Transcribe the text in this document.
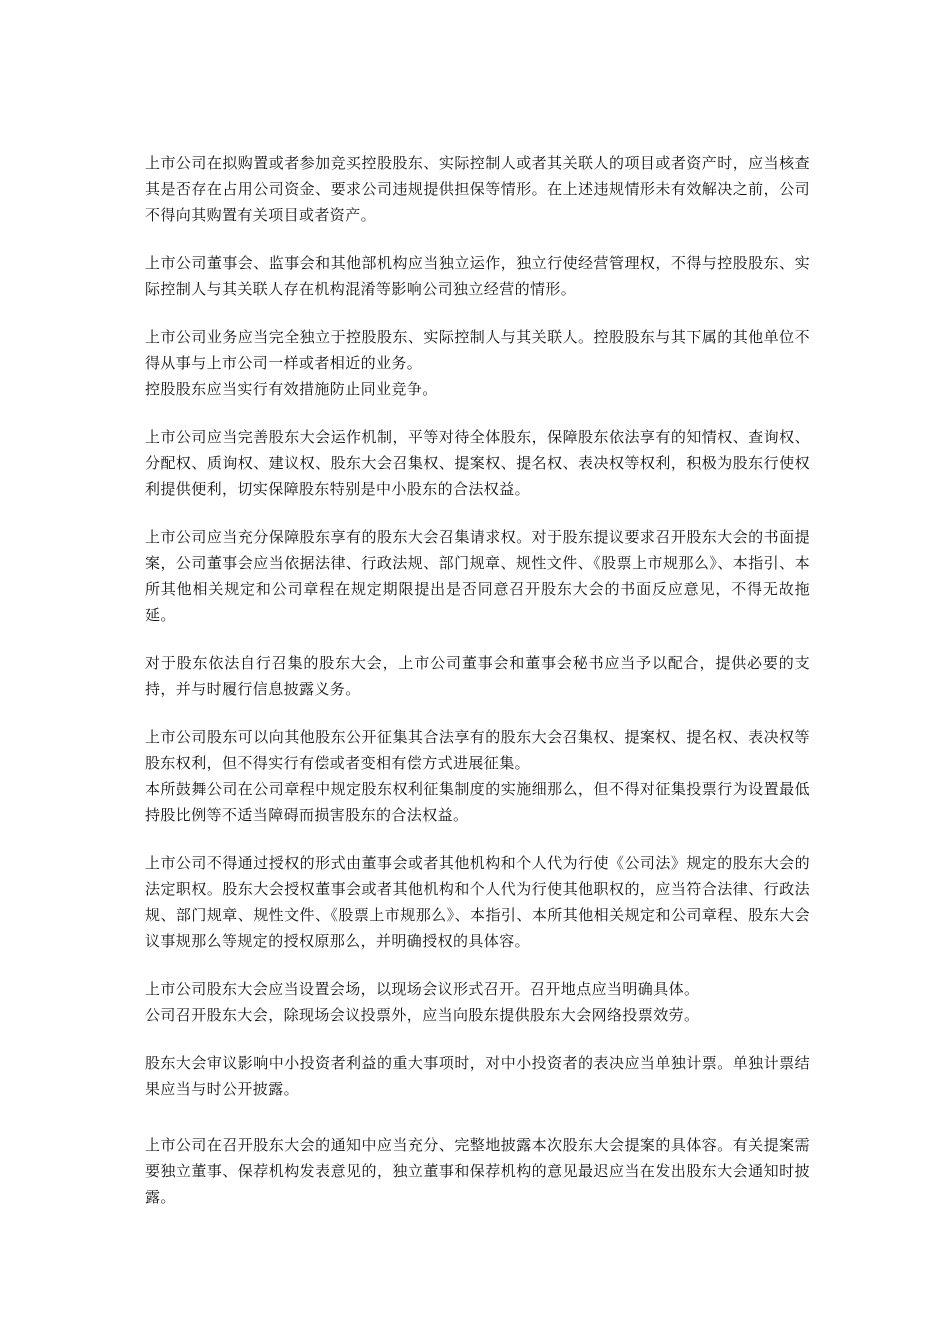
上市公司在拟购置或者参加竞买控股股东、实际控制人或者其关联人的项目或者资产时，应当核查其是否存在占用公司资金、要求公司违规提供担保等情形。在上述违规情形未有效解决之前，公司不得向其购置有关项目或者资产。

上市公司董事会、监事会和其他部机构应当独立运作，独立行使经营管理权，不得与控股股东、实际控制人与其关联人存在机构混淆等影响公司独立经营的情形。

上市公司业务应当完全独立于控股股东、实际控制人与其关联人。控股股东与其下属的其他单位不得从事与上市公司一样或者相近的业务。

控股股东应当实行有效措施防止同业竞争。

上市公司应当完善股东大会运作机制，平等对待全体股东，保障股东依法享有的知情权、查询权、分配权、质询权、建议权、股东大会召集权、提案权、提名权、表决权等权利，积极为股东行使权利提供便利，切实保障股东特别是中小股东的合法权益。

上市公司应当充分保障股东享有的股东大会召集请求权。对于股东提议要求召开股东大会的书面提案，公司董事会应当依据法律、行政法规、部门规章、规性文件、《股票上市规那么》、本指引、本所其他相关规定和公司章程在规定期限提出是否同意召开股东大会的书面反应意见，不得无故拖延。

对于股东依法自行召集的股东大会，上市公司董事会和董事会秘书应当予以配合，提供必要的支持，并与时履行信息披露义务。

上市公司股东可以向其他股东公开征集其合法享有的股东大会召集权、提案权、提名权、表决权等股东权利，但不得实行有偿或者变相有偿方式进展征集。

本所鼓舞公司在公司章程中规定股东权利征集制度的实施细那么，但不得对征集投票行为设置最低持股比例等不适当障碍而损害股东的合法权益。

上市公司不得通过授权的形式由董事会或者其他机构和个人代为行使《公司法》规定的股东大会的法定职权。股东大会授权董事会或者其他机构和个人代为行使其他职权的，应当符合法律、行政法规、部门规章、规性文件、《股票上市规那么》、本指引、本所其他相关规定和公司章程、股东大会议事规那么等规定的授权原那么，并明确授权的具体容。

上市公司股东大会应当设置会场，以现场会议形式召开。召开地点应当明确具体。

公司召开股东大会，除现场会议投票外，应当向股东提供股东大会网络投票效劳。

股东大会审议影响中小投资者利益的重大事项时，对中小投资者的表决应当单独计票。单独计票结果应当与时公开披露。

上市公司在召开股东大会的通知中应当充分、完整地披露本次股东大会提案的具体容。有关提案需要独立董事、保荐机构发表意见的，独立董事和保荐机构的意见最迟应当在发出股东大会通知时披露。
